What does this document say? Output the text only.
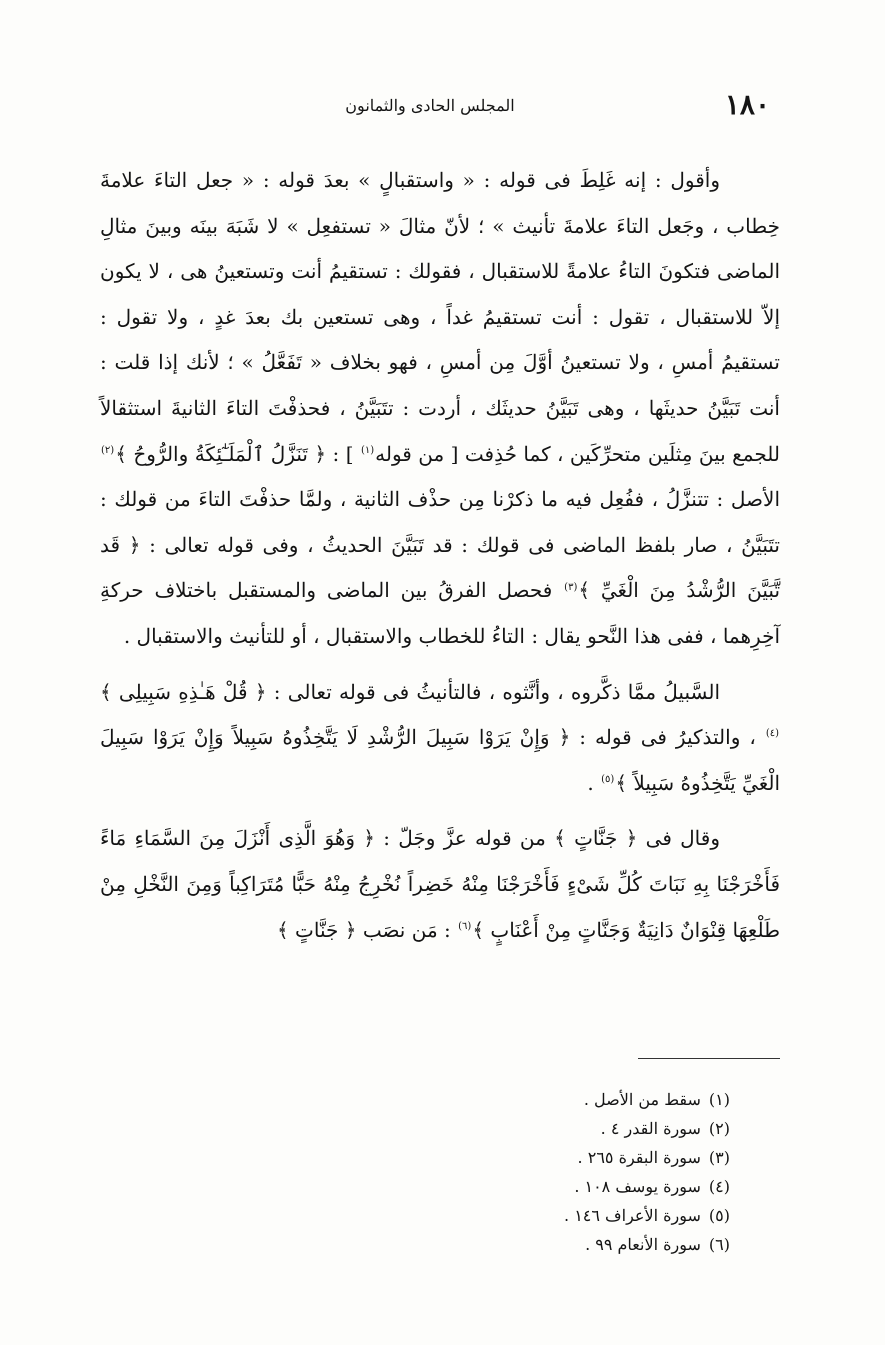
١٨٠
المجلس الحادى والثمانون

وأقول : إنه غَلِطَ فى قوله : « واستقبالٍ » بعدَ قوله : « جعل التاءَ علامةَ خِطاب ، وجَعل التاءَ علامةَ تأنيث » ؛ لأنّ مثالَ « تستفعِل » لا شَبَهَ بينَه وبينَ مثالِ الماضى فتكونَ التاءُ علامةً للاستقبال ، فقولك : تستقيمُ أنت وتستعينُ هى ، لا يكون إلاّ للاستقبال ، تقول : أنت تستقيمُ غداً ، وهى تستعين بك بعدَ غدٍ ، ولا تقول : تستقيمُ أمسِ ، ولا تستعينُ أوَّلَ مِن أمسِ ، فهو بخلاف « تَفَعَّلُ » ؛ لأنك إذا قلت : أنت تَبَيَّنُ حديثَها ، وهى تَبَيَّنُ حديثَك ، أردت : تتَبَيَّنُ ، فحذفْتَ التاءَ الثانيةَ استثقالاً للجمع بينَ مِثلَين متحرِّكَين ، كما حُذِفت [ من قوله$^{(١)}$ ] : ﴿ تَنَزَّلُ ٱلْمَلَـٰٓئِكَةُ والرُّوحُ ﴾$^{(٢)}$ الأصل : تتنزَّلُ ، ففُعِل فيه ما ذكرْنا مِن حذْف الثانية ، ولمَّا حذفْتَ التاءَ من قولك : تتَبَيَّنُ ، صار بلفظ الماضى فى قولك : قد تَبَيَّنَ الحديثُ ، وفى قوله تعالى : ﴿ قَد تَّبَيَّنَ الرُّشْدُ مِنَ الْغَيِّ ﴾$^{(٣)}$ فحصل الفرقُ بين الماضى والمستقبل باختلاف حركةِ آخِرِهما ، ففى هذا النَّحو يقال : التاءُ للخطاب والاستقبال ، أو للتأنيث والاستقبال .

السَّبيلُ ممَّا ذكَّروه ، وأنَّثوه ، فالتأنيثُ فى قوله تعالى : ﴿ قُلْ هَـٰذِهِ سَبِيلِى ﴾$^{(٤)}$ ، والتذكيرُ فى قوله : ﴿ وَإِنْ يَرَوْا سَبِيلَ الرُّشْدِ لَا يَتَّخِذُوهُ سَبِيلاً وَإِنْ يَرَوْا سَبِيلَ الْغَيِّ يَتَّخِذُوهُ سَبِيلاً ﴾$^{(٥)}$ .

وقال فى ﴿ جَنَّاتٍ ﴾ من قوله عزَّ وجَلّ : ﴿ وَهُوَ الَّذِى أَنْزَلَ مِنَ السَّمَاءِ مَاءً فَأَخْرَجْنَا بِهِ نَبَاتَ كُلِّ شَىْءٍ فَأَخْرَجْنَا مِنْهُ خَضِراً نُخْرِجُ مِنْهُ حَبًّا مُتَرَاكِباً وَمِنَ النَّخْلِ مِنْ طَلْعِهَا قِنْوَانٌ دَانِيَةٌ وَجَنَّاتٍ مِنْ أَعْنَابٍ ﴾$^{(٦)}$ : مَن نصَب ﴿ جَنَّاتٍ ﴾

(١)سقط من الأصل .
(٢)سورة القدر ٤ .
(٣)سورة البقرة ٢٦٥ .
(٤)سورة يوسف ١٠٨ .
(٥)سورة الأعراف ١٤٦ .
(٦)سورة الأنعام ٩٩ .
